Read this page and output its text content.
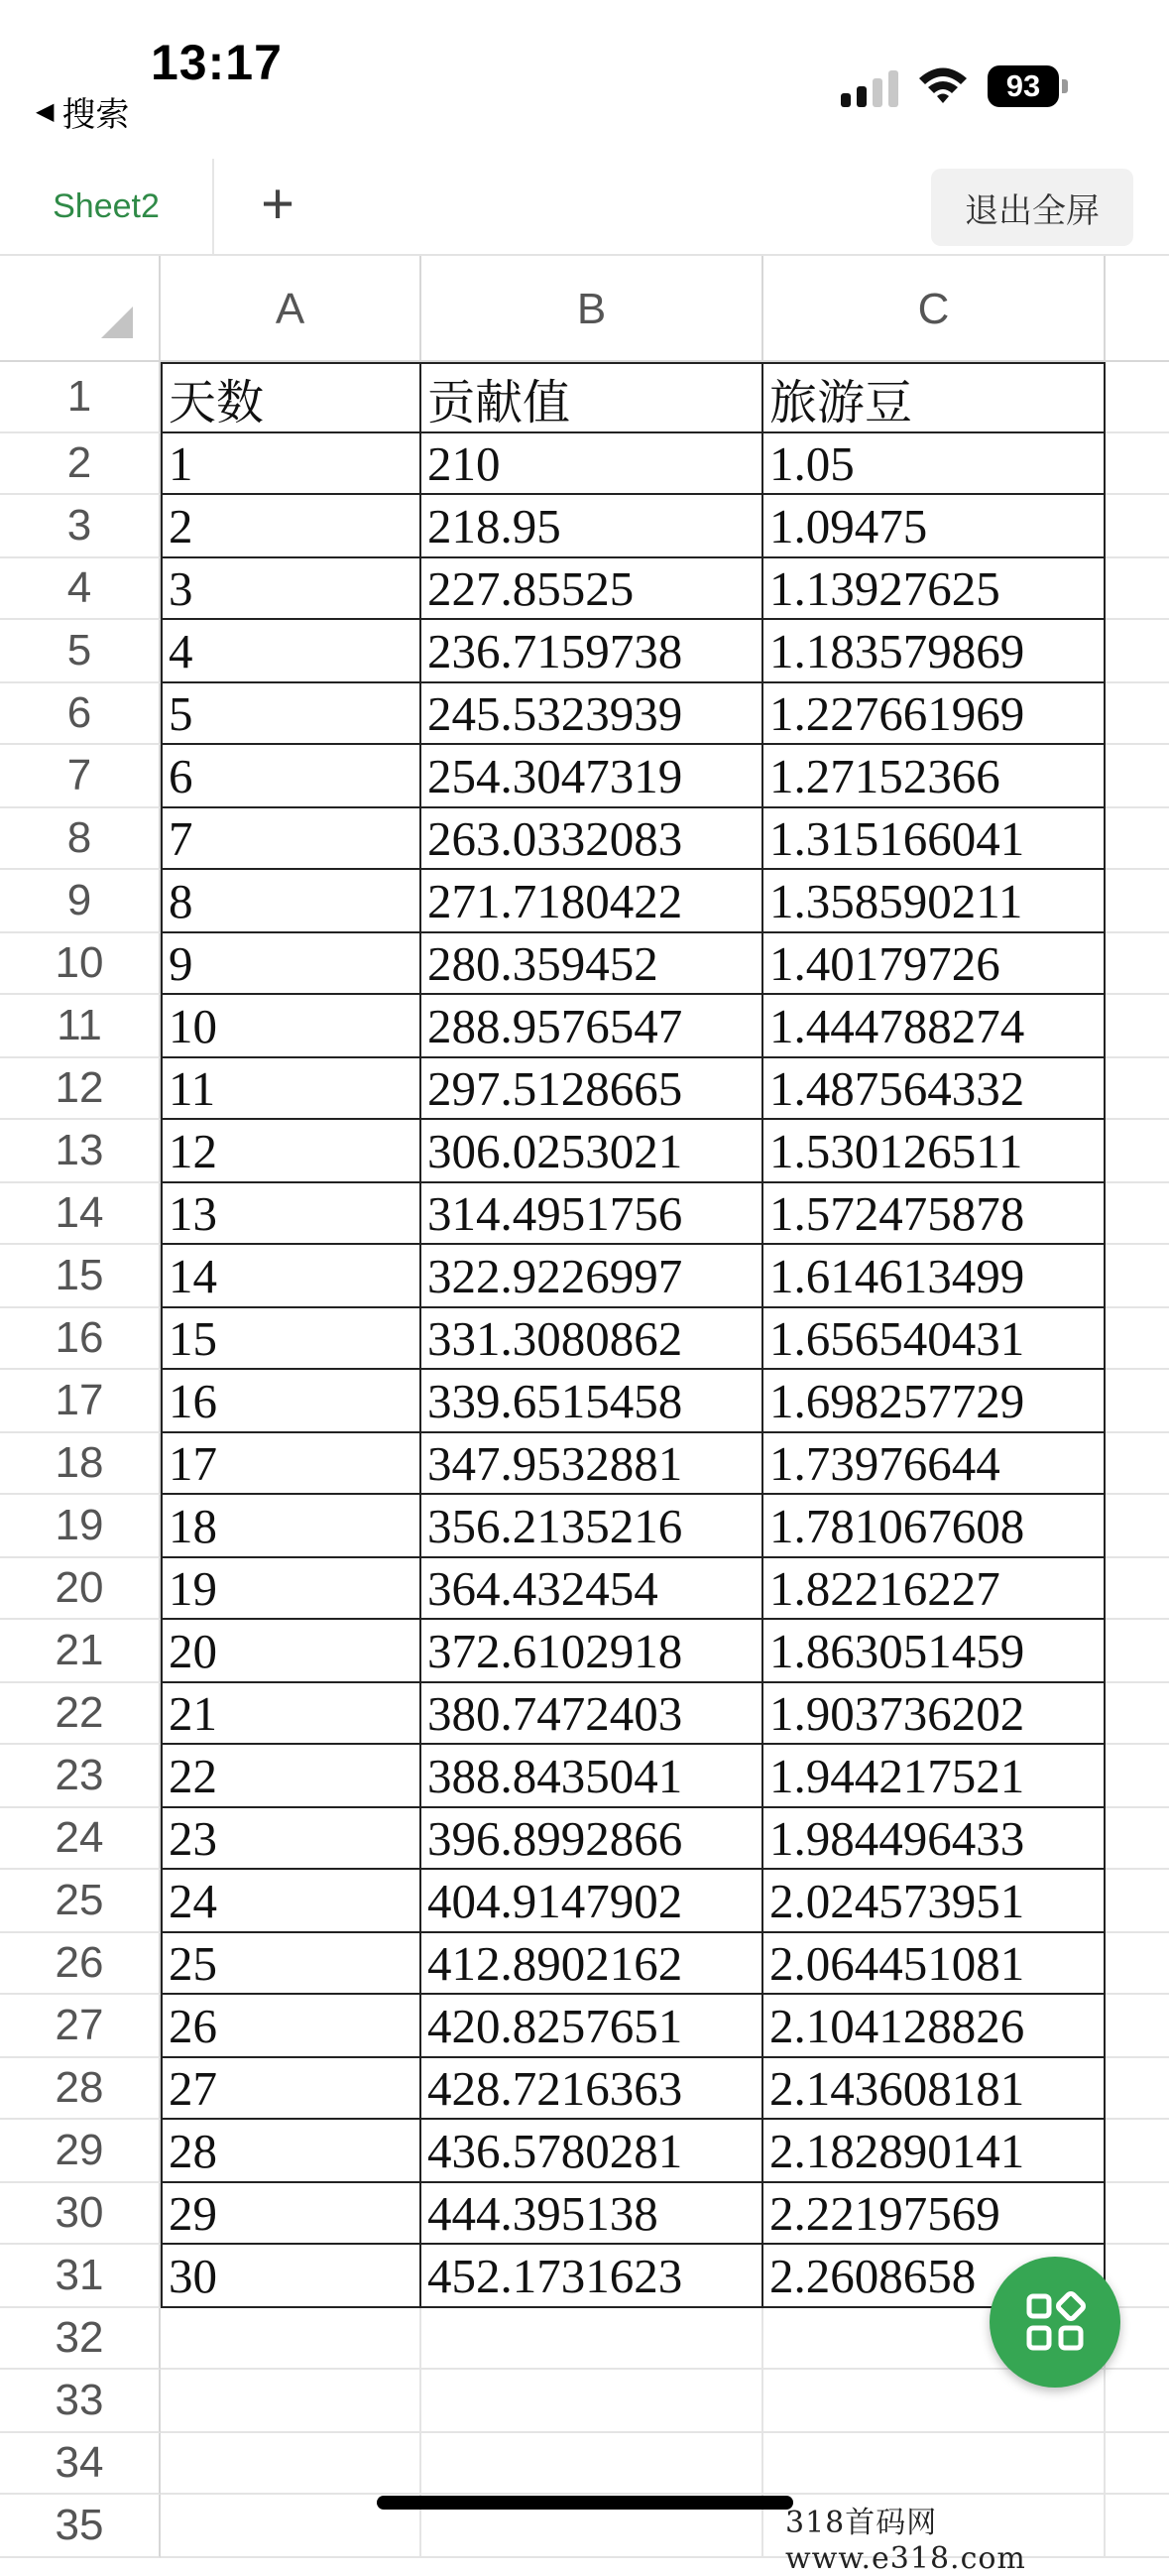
13:17
◀ 搜索
93
Sheet2	+	退出全屏
A	B	C
1	天数	贡献值	旅游豆
2	1	210	1.05
3	2	218.95	1.09475
4	3	227.85525	1.13927625
5	4	236.7159738	1.183579869
6	5	245.5323939	1.227661969
7	6	254.3047319	1.27152366
8	7	263.0332083	1.315166041
9	8	271.7180422	1.358590211
10	9	280.359452	1.40179726
11	10	288.9576547	1.444788274
12	11	297.5128665	1.487564332
13	12	306.0253021	1.530126511
14	13	314.4951756	1.572475878
15	14	322.9226997	1.614613499
16	15	331.3080862	1.656540431
17	16	339.6515458	1.698257729
18	17	347.9532881	1.73976644
19	18	356.2135216	1.781067608
20	19	364.432454	1.82216227
21	20	372.6102918	1.863051459
22	21	380.7472403	1.903736202
23	22	388.8435041	1.944217521
24	23	396.8992866	1.984496433
25	24	404.9147902	2.024573951
26	25	412.8902162	2.064451081
27	26	420.8257651	2.104128826
28	27	428.7216363	2.143608181
29	28	436.5780281	2.182890141
30	29	444.395138	2.22197569
31	30	452.1731623	2.2608658
32
33
34
35	318首码网 www.e318.com
